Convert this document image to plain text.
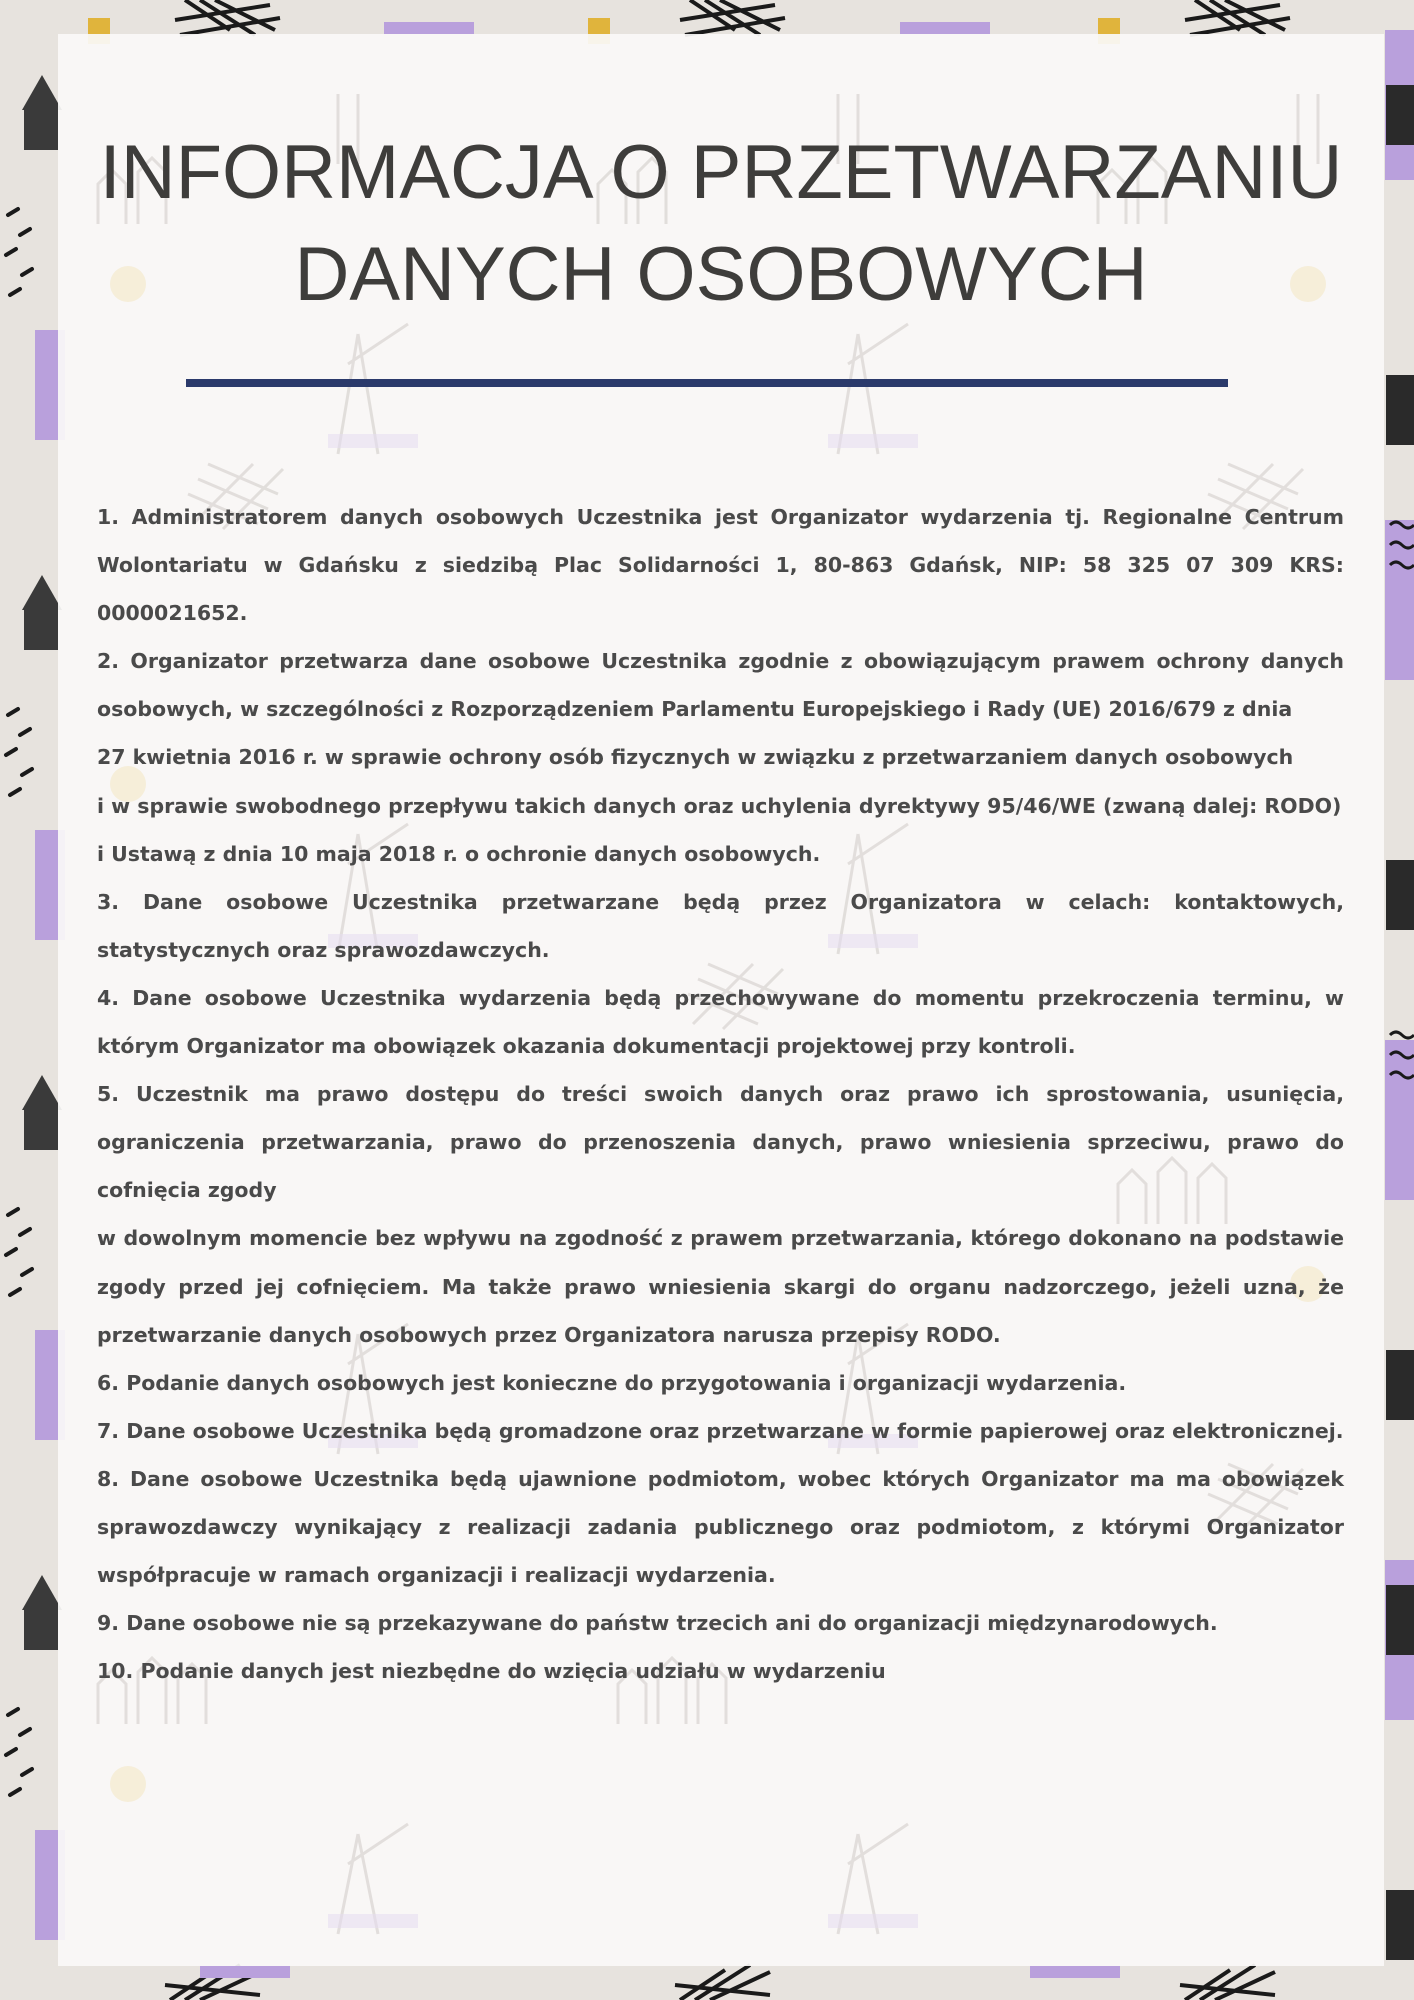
INFORMACJA O PRZETWARZANIU
DANYCH OSOBOWYCH

1. Administratorem danych osobowych Uczestnika jest Organizator wydarzenia tj. Regionalne Centrum Wolontariatu w Gdańsku z siedzibą Plac Solidarności 1, 80-863 Gdańsk, NIP: 58 325 07 309 KRS: 0000021652.

2. Organizator przetwarza dane osobowe Uczestnika zgodnie z obowiązującym prawem ochrony danych osobowych, w szczególności z Rozporządzeniem Parlamentu Europejskiego i Rady (UE) 2016/679 z dnia

27 kwietnia 2016 r. w sprawie ochrony osób fizycznych w związku z przetwarzaniem danych osobowych

i w sprawie swobodnego przepływu takich danych oraz uchylenia dyrektywy 95/46/WE (zwaną dalej: RODO)

i Ustawą z dnia 10 maja 2018 r. o ochronie danych osobowych.

3. Dane osobowe Uczestnika przetwarzane będą przez Organizatora w celach: kontaktowych, statystycznych oraz sprawozdawczych.

4. Dane osobowe Uczestnika wydarzenia będą przechowywane do momentu przekroczenia terminu, w którym Organizator ma obowiązek okazania dokumentacji projektowej przy kontroli.

5. Uczestnik ma prawo dostępu do treści swoich danych oraz prawo ich sprostowania, usunięcia, ograniczenia przetwarzania, prawo do przenoszenia danych, prawo wniesienia sprzeciwu, prawo do cofnięcia zgody

w dowolnym momencie bez wpływu na zgodność z prawem przetwarzania, którego dokonano na podstawie zgody przed jej cofnięciem. Ma także prawo wniesienia skargi do organu nadzorczego, jeżeli uzna, że przetwarzanie danych osobowych przez Organizatora narusza przepisy RODO.

6. Podanie danych osobowych jest konieczne do przygotowania i organizacji wydarzenia.

7. Dane osobowe Uczestnika będą gromadzone oraz przetwarzane w formie papierowej oraz elektronicznej.

8. Dane osobowe Uczestnika będą ujawnione podmiotom, wobec których Organizator ma ma obowiązek sprawozdawczy wynikający z realizacji zadania publicznego oraz podmiotom, z którymi Organizator współpracuje w ramach organizacji i realizacji wydarzenia.

9. Dane osobowe nie są przekazywane do państw trzecich ani do organizacji międzynarodowych.

10. Podanie danych jest niezbędne do wzięcia udziału w wydarzeniu
